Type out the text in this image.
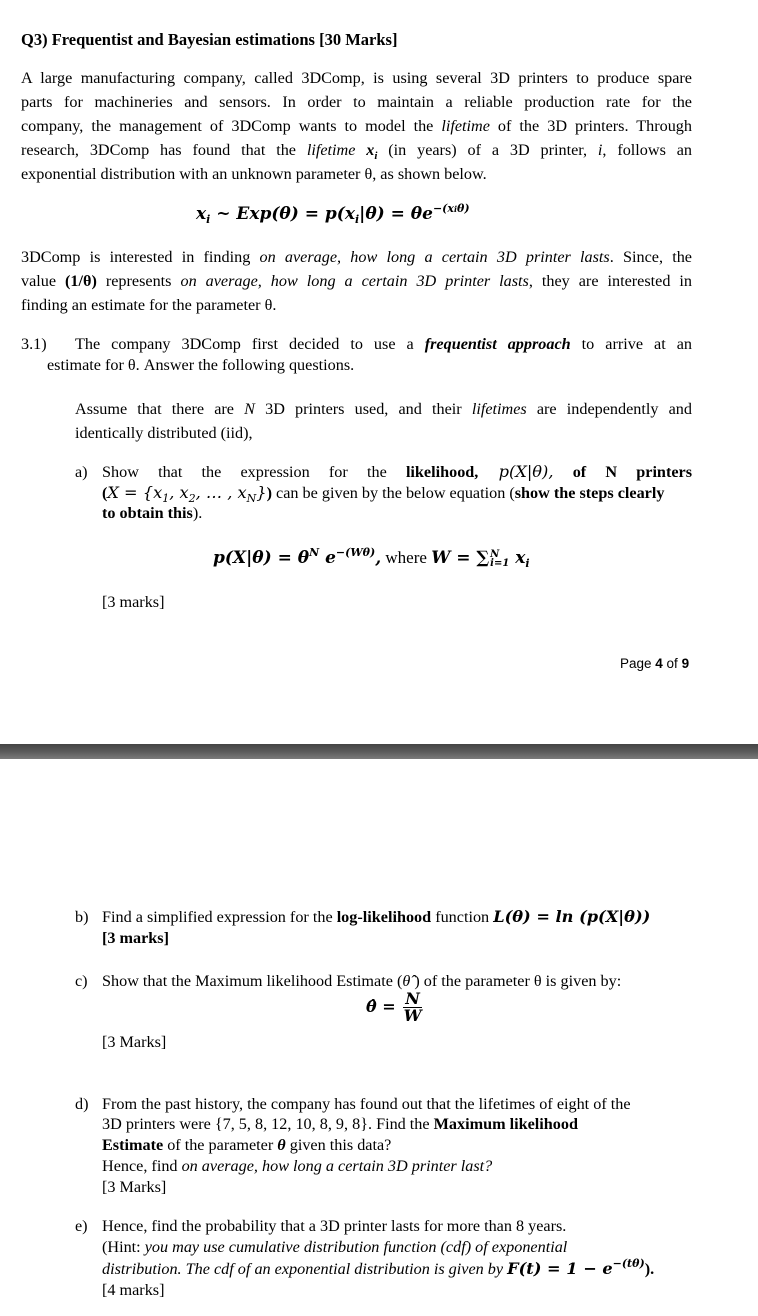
Q3) Frequentist and Bayesian estimations [30 Marks]
A large manufacturing company, called 3DComp, is using several 3D printers to produce spare
parts for machineries and sensors. In order to maintain a reliable production rate for the
company, the management of 3DComp wants to model the lifetime of the 3D printers. Through
research, 3DComp has found that the lifetime $x_i$ (in years) of a 3D printer, i, follows an
exponential distribution with an unknown parameter θ, as shown below.
$x_i$ ~ $Exp(\theta) = p(x_i|\theta) = \theta e^{-(xi\theta)}$
3DComp is interested in finding on average, how long a certain 3D printer lasts. Since, the
value (1/θ) represents on average, how long a certain 3D printer lasts, they are interested in
finding an estimate for the parameter θ.
3.1) The company 3DComp first decided to use a frequentist approach to arrive at an
estimate for θ. Answer the following questions.
Assume that there are N 3D printers used, and their lifetimes are independently and
identically distributed (iid),
a) Show that the expression for the likelihood, p(X|θ), of N printers
($X = \{x_1$, $x_2$, … , $x_N$}) can be given by the below equation (show the steps clearly
to obtain this).
$p(X|\theta) = \theta^N$ $e^{-(W\theta)}$, where W = ∑ N
i=1 $x_i$
[3 marks]
Page 4 of 9
b) Find a simplified expression for the log-likelihood function L(θ) = ln (p(X|θ))
[3 marks]
c) Show that the Maximum likelihood Estimate (θ̂ ) of the parameter θ is given by:
θ̂ = $\frac{N}{W}$
[3 Marks]
d) From the past history, the company has found out that the lifetimes of eight of the
3D printers were {7, 5, 8, 12, 10, 8, 9, 8}. Find the Maximum likelihood
Estimate of the parameter θ given this data?
Hence, find on average, how long a certain 3D printer last?
[3 Marks]
e) Hence, find the probability that a 3D printer lasts for more than 8 years.
(Hint: you may use cumulative distribution function (cdf) of exponential
distribution. The cdf of an exponential distribution is given by $F(t) = 1 - e^{-(t\theta)}$).
[4 marks]
